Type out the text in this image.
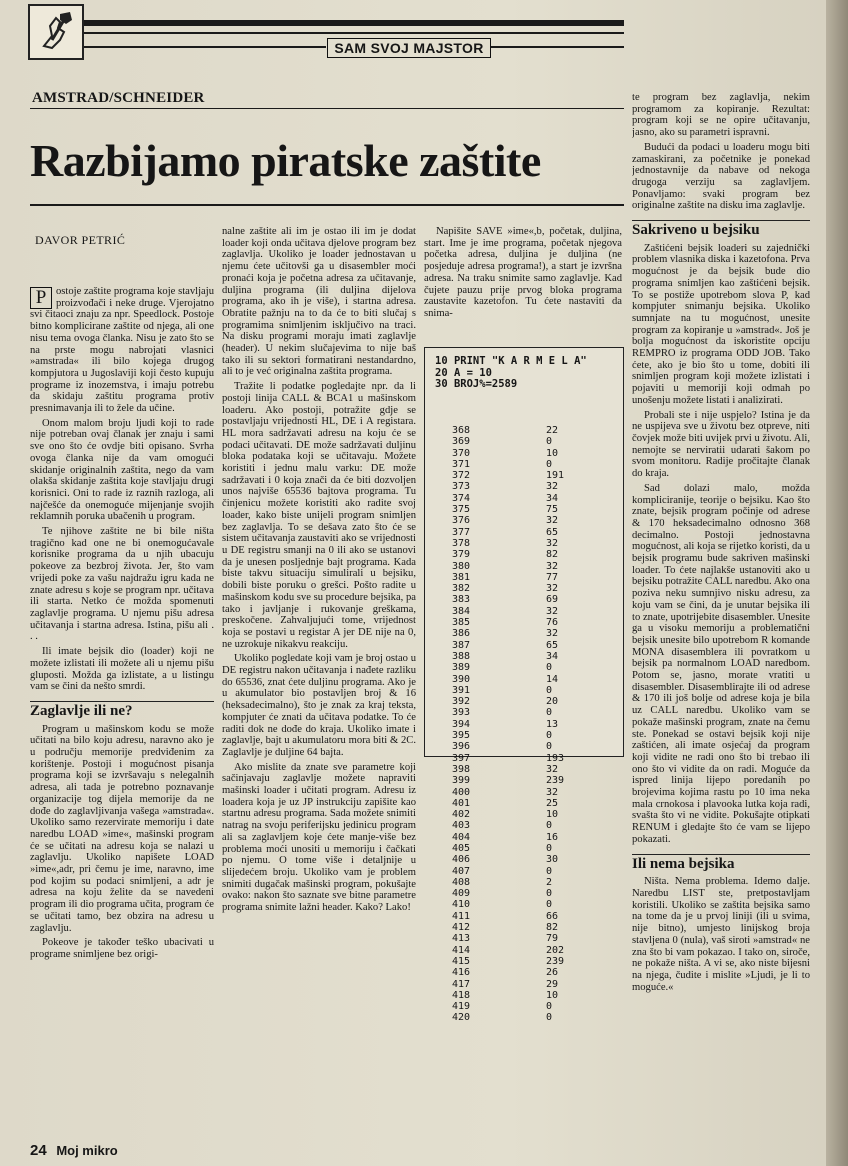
SAM SVOJ MAJSTOR
AMSTRAD/SCHNEIDER
Razbijamo piratske zaštite
DAVOR PETRIĆ

P ostoje zaštite programa koje stavljaju proizvođači i neke druge. Vjerojatno svi čitaoci znaju za npr. Speedlock. Postoje bitno komplicirane zaštite od njega, ali one nisu tema ovoga članka. Nisu je zato što se na prste mogu nabrojati vlasnici »amstrada« ili bilo kojega drugog kompjutora u Jugoslaviji koji često kupuju programe iz inozemstva, i imaju potrebu da skidaju zaštitu programa protiv presnimavanja ili to žele da učine.

Onom malom broju ljudi koji to rade nije potreban ovaj članak jer znaju i sami sve ono što će ovdje biti opisano. Svrha ovoga članka nije da vam omogući skidanje originalnih zaštita, nego da vam olakša skidanje zaštita koje stavljaju drugi korisnici. Oni to rade iz raznih razloga, ali najčešće da onemoguće mijenjanje svojih reklamnih poruka ubačenih u program.

Te njihove zaštite ne bi bile ništa tragično kad one ne bi onemogućavale korisnike programa da u njih ubacuju pokeove za bezbroj života. Jer, što vam vrijedi poke za vašu najdražu igru kada ne znate adresu s koje se program npr. učitava ili starta. Netko će možda spomenuti zaglavlje programa. U njemu pišu adresa učitavanja i startna adresa. Istina, pišu ali . . .

Ili imate bejsik dio (loader) koji ne možete izlistati ili možete ali u njemu pišu gluposti. Možda ga izlistate, a u listingu vam se čini da nešto smrdi.

Zaglavlje ili ne?

Program u mašinskom kodu se može učitati na bilo koju adresu, naravno ako je u području memorije predviđenim za korištenje. Postoji i mogućnost pisanja programa koji se izvršavaju s nelegalnih adresa, ali tada je potrebno poznavanje organizacije tog dijela memorije da ne dođe do zaglavljivanja vašega »amstrada«. Ukoliko samo rezervirate memoriju i date naredbu LOAD »ime«, mašinski program će se učitati na adresu koja se nalazi u zaglavlju. Ukoliko napišete LOAD »ime«,adr, pri čemu je ime, naravno, ime pod kojim su podaci snimljeni, a adr je adresa na koju želite da se navedeni program ili dio programa učita, program će se učitati tamo, bez obzira na adresu u zaglavlju.

Pokeove je također teško ubacivati u programe snimljene bez origi-

nalne zaštite ali im je ostao ili im je dodat loader koji onda učitava djelove program bez zaglavlja. Ukoliko je loader jednostavan u njemu ćete učitovši ga u disasembler moći pronaći koja je početna adresa za učitavanje, duljina programa (ili duljina dijelova programa, ako ih je više), i startna adresa. Obratite pažnju na to da će to biti slučaj s programima snimljenim isključivo na traci. Na disku programi moraju imati zaglavlje (header). U nekim slučajevima to nije baš tako ili su sektori formatirani nestandardno, ali to je već originalna zaštita programa.

Tražite li podatke pogledajte npr. da li postoji linija CALL & BCA1 u mašinskom loaderu. Ako postoji, potražite gdje se postavljaju vrijednosti HL, DE i A registara. HL mora sadržavati adresu na koju će se podaci učitavati. DE može sadržavati duljinu bloka podataka koji se učitavaju. Možete koristiti i jednu malu varku: DE može sadržavati i 0 koja znači da će biti dozvoljen unos najviše 65536 bajtova programa. Tu činjenicu možete koristiti ako radite svoj loader, kako biste unijeli program snimljen bez zaglavlja. To se dešava zato što će se sistem učitavanja zaustaviti ako se vrijednosti u DE registru smanji na 0 ili ako se ustanovi da je unesen posljednje bajt programa. Kada biste takvu situaciju simulirali u bejsiku, dobili biste poruku o grešci. Pošto radite u mašinskom kodu sve su procedure bejsika, pa tako i javljanje i rukovanje greškama, preskočene. Zahvaljujući tome, vrijednost koja se postavi u registar A jer DE nije na 0, ne uzrokuje nikakvu reakciju.

Ukoliko pogledate koji vam je broj ostao u DE registru nakon učitavanja i nađete razliku do 65536, znat ćete duljinu programa. Ako je u akumulator bio postavljen broj & 16 (heksadecimalno), što je znak za kraj teksta, kompjuter će znati da učitava podatke. To će raditi dok ne dođe do kraja. Ukoliko imate i zaglavlje, bajt u akumulatoru mora biti & 2C. Zaglavlje je duljine 64 bajta.

Ako mislite da znate sve parametre koji sačinjavaju zaglavlje možete napraviti mašinski loader i učitati program. Adresu iz loadera koja je uz JP instrukciju zapišite kao startnu adresu programa. Sada možete snimiti natrag na svoju periferijsku jedinicu program ali sa zaglavljem koje ćete manje-više bez problema moći unositi u memoriju i čačkati po njemu. O tome više i detaljnije u slijedećem broju. Ukoliko vam je problem snimiti dugačak mašinski program, pokušajte ovako: nakon što saznate sve bitne parametre programa snimite lažni header. Kako? Lako!

Napišite SAVE »ime«,b, početak, duljina, start. Ime je ime programa, početak njegova početka adresa, duljina je duljina (ne posjeduje adresa programa!), a start je izvršna adresa. Na traku snimite samo zaglavlje. Kad čujete pauzu prije prvog bloka programa zaustavite kazetofon. Tu ćete nastaviti da snima-

10 PRINT "K A R M E L A"
20 A = 10
30 BROJ%=2589
368	22
369	0
370	10
371	0
372	191
373	32
374	34
375	75
376	32
377	65
378	32
379	82
380	32
381	77
382	32
383	69
384	32
385	76
386	32
387	65
388	34
389	0
390	14
391	0
392	20
393	0
394	13
395	0
396	0
397	193
398	32
399	239
400	32
401	25
402	10
403	0
404	16
405	0
406	30
407	0
408	2
409	0
410	0
411	66
412	82
413	79
414	202
415	239
416	26
417	29
418	10
419	0
420	0

te program bez zaglavlja, nekim programom za kopiranje. Rezultat: program koji se ne opire učitavanju, jasno, ako su parametri ispravni.

Budući da podaci u loaderu mogu biti zamaskirani, za početnike je ponekad jednostavnije da nabave od nekoga drugoga verziju sa zaglavljem. Ponavljamo: svaki program bez originalne zaštite na disku ima zaglavlje.

Sakriveno u bejsiku

Zaštićeni bejsik loaderi su zajednički problem vlasnika diska i kazetofona. Prva mogućnost je da bejsik bude dio programa snimljen kao zaštićeni bejsik. To se postiže upotrebom slova P, kad kompjuter snimanju bejsika. Ukoliko sumnjate na tu mogućnost, unesite program za kopiranje u »amstrad«. Još je bolja mogućnost da iskoristite opciju REMPRO iz programa ODD JOB. Tako ćete, ako je bio što u tome, dobiti ili snimljen program koji možete izlistati i pojaviti u memoriji koji odmah po unošenju možete listati i analizirati.

Probali ste i nije uspjelo? Istina je da ne uspijeva sve u životu bez otpreve, niti čovjek može biti uvijek prvi u životu. Ali, nemojte se nerviratii udarati šakom po svom monitoru. Radije pročitajte članak do kraja.

Sad dolazi malo, možda kompliciranije, teorije o bejsiku. Kao što znate, bejsik program počinje od adrese & 170 heksadecimalno odnosno 368 decimalno. Postoji jednostavna mogućnost, ali koja se rijetko koristi, da u bejsik programu bude sakriven mašinski loader. To ćete najlakše ustanoviti ako u bejsiku potražite CALL naredbu. Ako ona poziva neku sumnjivo nisku adresu, za koju vam se čini, da je unutar bejsika ili to znate, upotrijebite disasembler. Unesite ga u visoku memoriju a problematični bejsik unesite bilo upotrebom R komande MONA disasemblera ili povratkom u bejsik pa normalnom LOAD naredbom. Potom se, jasno, morate vratiti u disasembler. Disasemblirajte ili od adrese & 170 ili još bolje od adrese koja je bila uz CALL naredbu. Ukoliko vam se pokaže mašinski program, znate na čemu ste. Ponekad se ostavi bejsik koji nije zaštićen, ali imate osjećaj da program koji vidite ne radi ono što bi trebao ili ono što vi vidite da on radi. Moguće da ispred linija lijepo poredanih po brojevima kojima rastu po 10 ima neka mala crnokosa i plavooka lutka koja radi, svašta što vi ne vidite. Pokušajte otipkati RENUM i gledajte što će vam se lijepo pokazati.

Ili nema bejsika

Ništa. Nema problema. Idemo dalje. Naredbu LIST ste, pretpostavljam koristili. Ukoliko se zaštita bejsika samo na tome da je u prvoj liniji (ili u svima, nije bitno), umjesto linijskog broja stavljena 0 (nula), vaš siroti »amstrad« ne zna što bi vam pokazao. I tako on, siroče, ne pokaže ništa. A vi se, ako niste bijesni na njega, čudite i mislite »Ljudi, je li to moguće.«

24 Moj mikro
